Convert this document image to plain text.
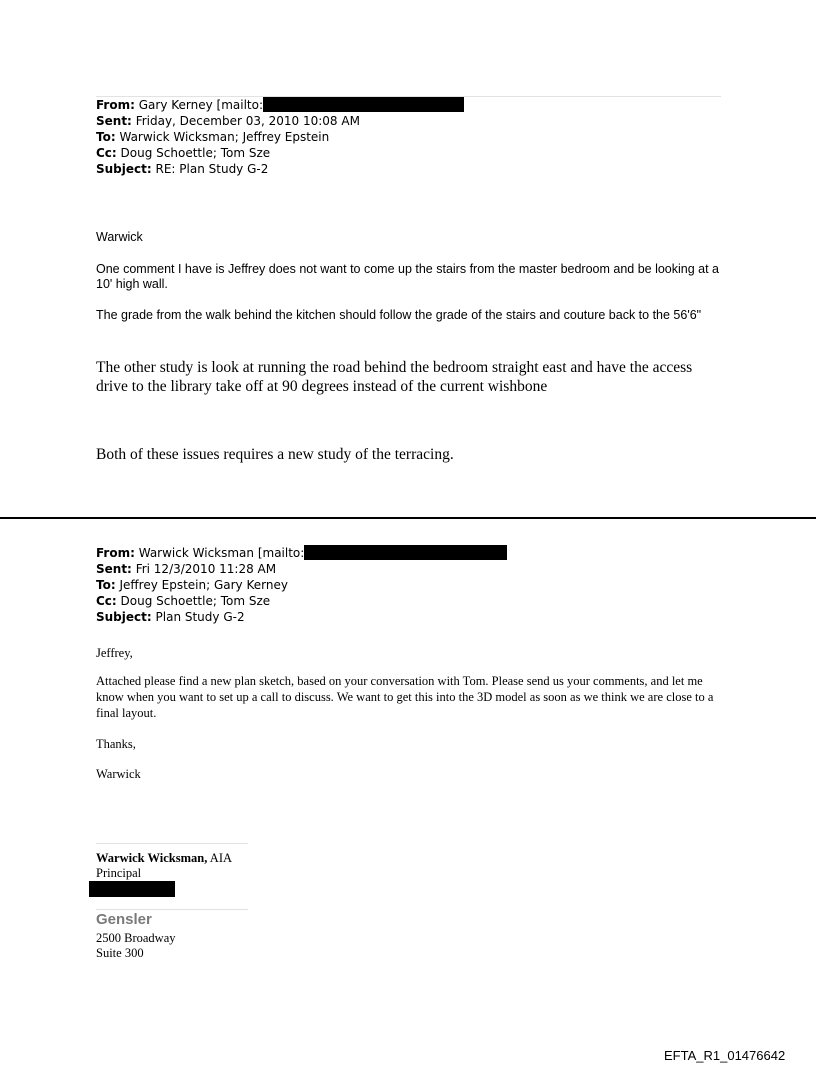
From: Gary Kerney [mailto:
Sent: Friday, December 03, 2010 10:08 AM
To: Warwick Wicksman; Jeffrey Epstein
Cc: Doug Schoettle; Tom Sze
Subject: RE: Plan Study G-2
Warwick
One comment I have is Jeffrey does not want to come up the stairs from the master bedroom and be looking at a 10' high wall.
The grade from the walk behind the kitchen should follow the grade of the stairs and couture back to the 56'6"
The other study is look at running the road behind the bedroom straight east and have the access drive to the library take off at 90 degrees instead of the current wishbone
Both of these issues requires a new study of the terracing.
From: Warwick Wicksman [mailto:
Sent: Fri 12/3/2010 11:28 AM
To: Jeffrey Epstein; Gary Kerney
Cc: Doug Schoettle; Tom Sze
Subject: Plan Study G-2
Jeffrey,
Attached please find a new plan sketch, based on your conversation with Tom. Please send us your comments, and let me know when you want to set up a call to discuss. We want to get this into the 3D model as soon as we think we are close to a final layout.
Thanks,
Warwick
Warwick Wicksman, AIA
Principal
Gensler
2500 Broadway
Suite 300
EFTA_R1_01476642
